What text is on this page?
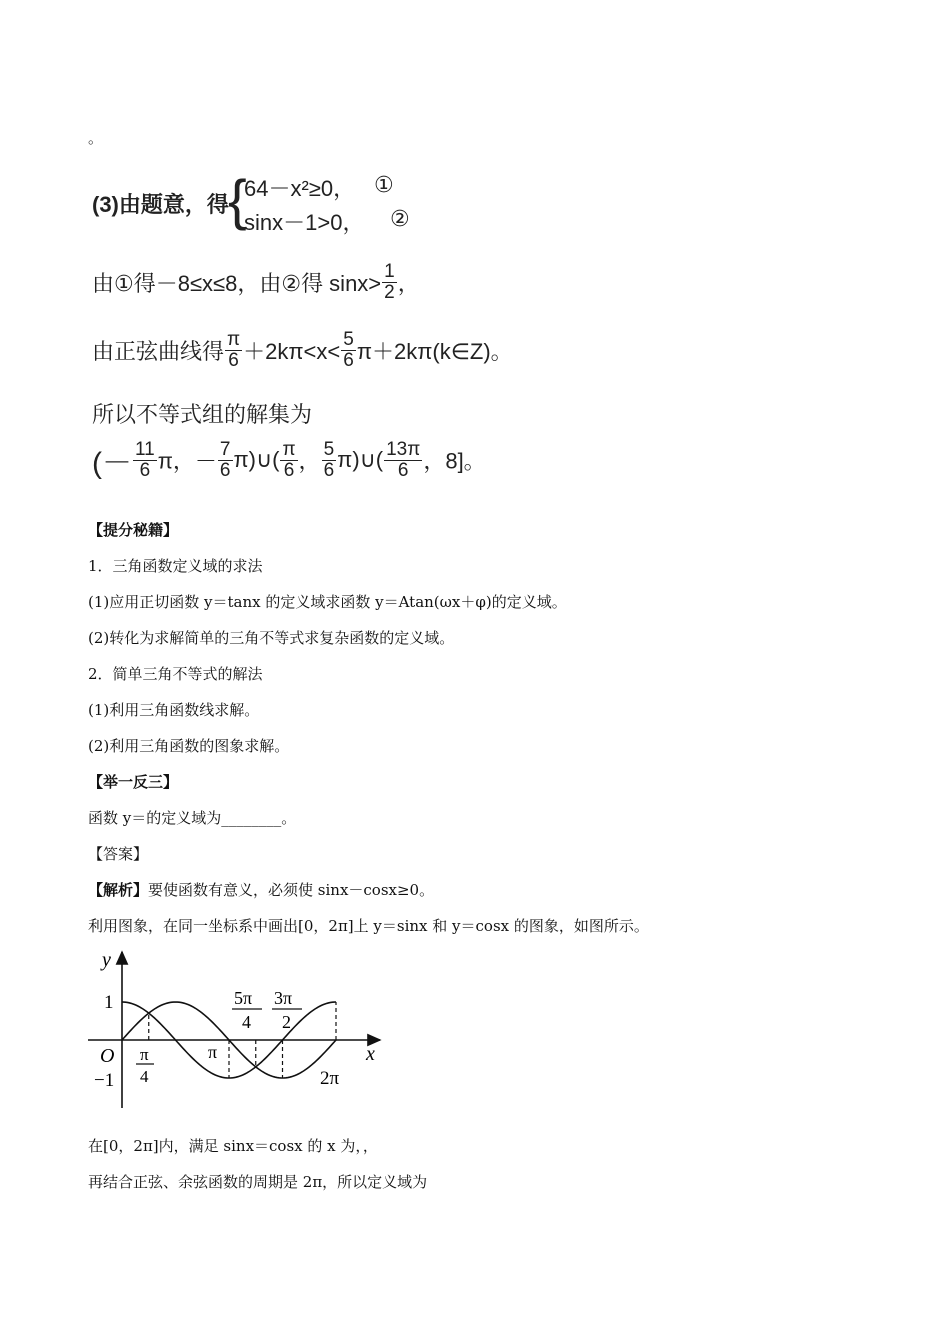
。
(3)由题意，得 {
64－x²≥0， ①
sinx－1>0， ②
由①得－8≤x≤8，由②得 $\sin x> \frac{1}{2}$ ，
由正弦曲线得 $\frac{\pi}{6} +2k\pi<x< \frac{5}{6}$ π＋2kπ(k∈Z)。
所以不等式组的解集为
(－ $\frac{11}{6}$ π，－ $\frac{7}{6}$ π)∪( $\frac{\pi}{6}$ ， $\frac{5}{6}$ π)∪( $\frac{13\pi}{6}$ ，8]。
【提分秘籍】
1．三角函数定义域的求法
(1)应用正切函数 y＝tanx 的定义域求函数 y＝Atan(ωx＋φ)的定义域。
(2)转化为求解简单的三角不等式求复杂函数的定义域。
2．简单三角不等式的解法
(1)利用三角函数线求解。
(2)利用三角函数的图象求解。
【举一反三】
函数 y＝的定义域为________。
【答案】
【解析】要使函数有意义，必须使 sinx－cosx≥0。
利用图象，在同一坐标系中画出[0，2π]上 y＝sinx 和 y＝cosx 的图象，如图所示。
y
x
O
1
−1
π
4
π
5π
4
3π
2
2π
在[0，2π]内，满足 sinx＝cosx 的 x 为，，
再结合正弦、余弦函数的周期是 2π，所以定义域为
